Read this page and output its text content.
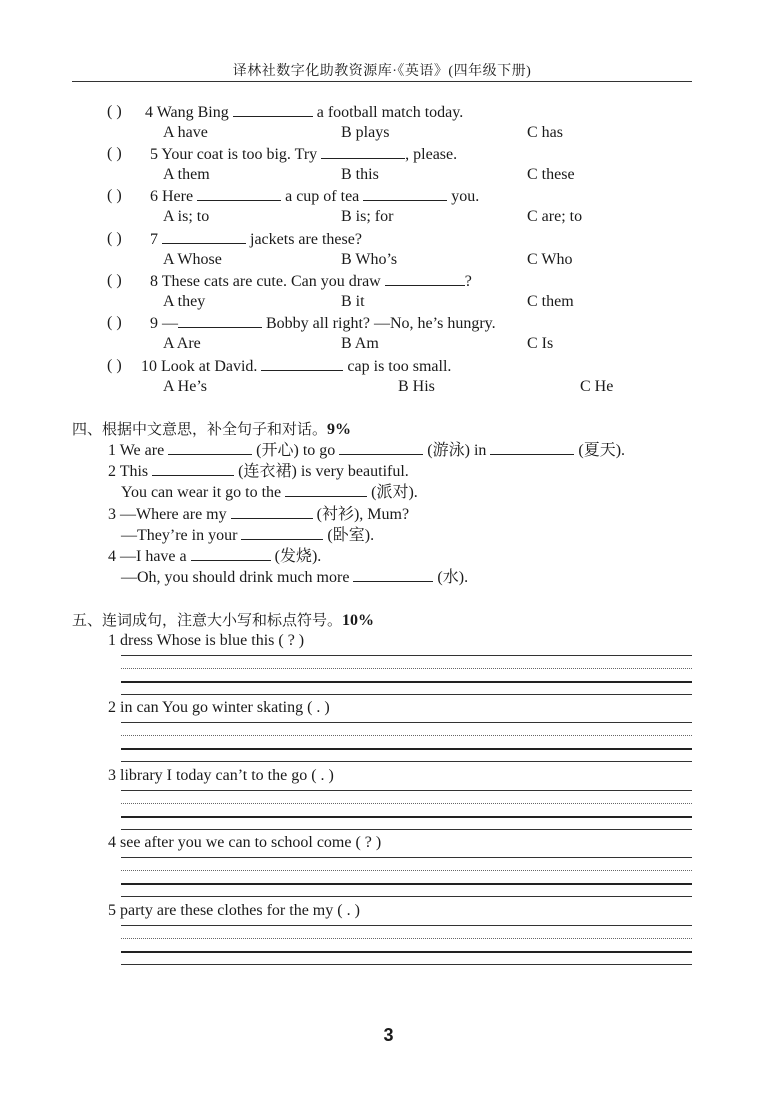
译林社数字化助教资源库·《英语》(四年级下册)
( ) 4 Wang Bing	a football match today.
A have	B plays	C has
( ) 5 Your coat is too big. Try	, please.
A them	B this	C these
( ) 6 Here	a cup of tea	you.
A is; to	B is; for	C are; to
( ) 7	jackets are these?
A Whose	B Who’s	C Who
( ) 8 These cats are cute. Can you draw	?
A they	B it	C them
( ) 9 —	Bobby all right? —No, he’s hungry.
A Are	B Am	C Is
( ) 10 Look at David.	cap is too small.
A He’s	B His	C He
四、根据中文意思，补全句子和对话。9%
1 We are	(开心) to go	(游泳) in	(夏天).
2 This	(连衣裙) is very beautiful.
You can wear it go to the	(派对).
3 —Where are my	(衬衫), Mum?
—They’re in your	(卧室).
4 —I have a	(发烧).
—Oh, you should drink much more	(水).
五、连词成句，注意大小写和标点符号。10%
1 dress Whose is blue this ( ? )
2 in can You go winter skating ( . )
3 library I today can’t to the go ( . )
4 see after you we can to school come ( ? )
5 party are these clothes for the my ( . )
3
